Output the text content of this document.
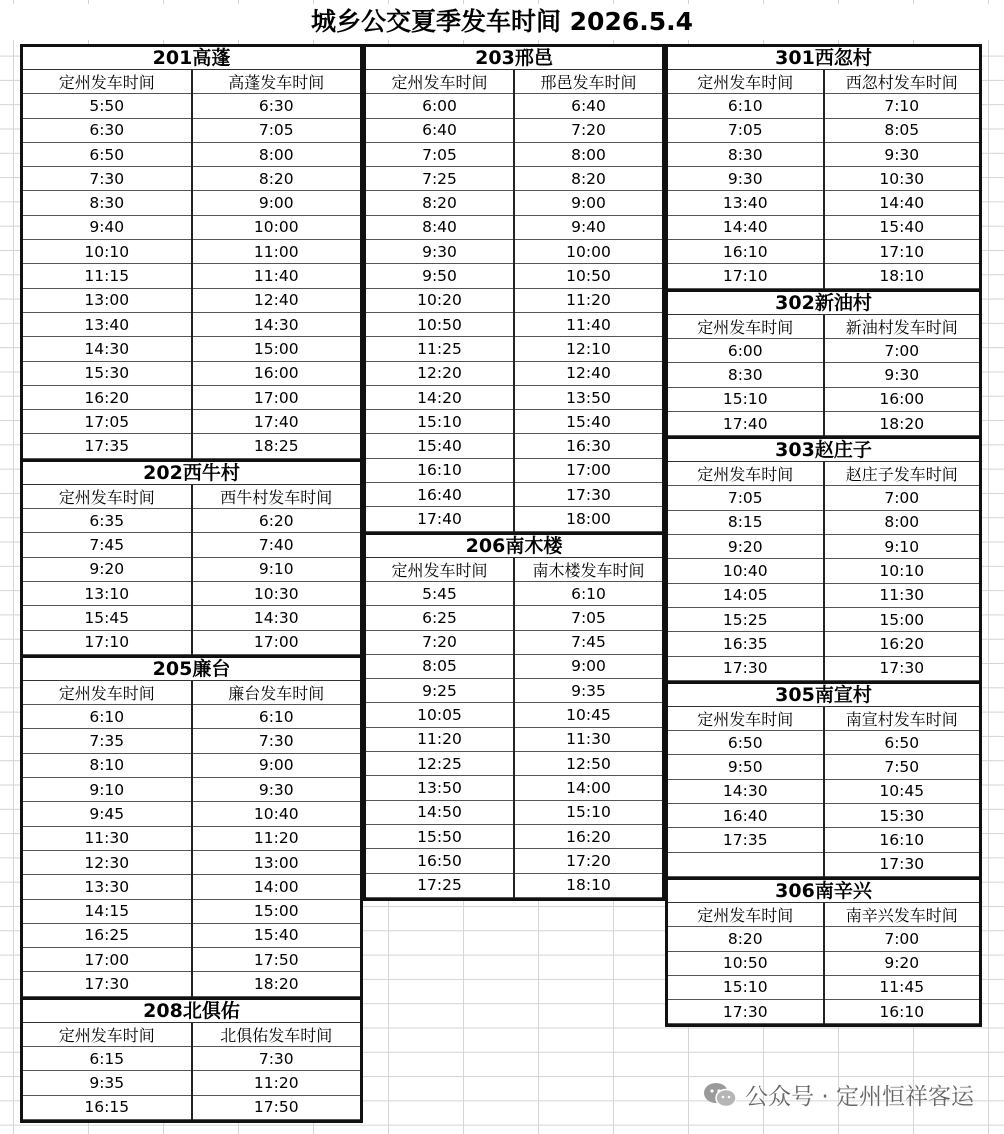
城乡公交夏季发车时间 2026.5.4
201高蓬
定州发车时间	高蓬发车时间
5:50	6:30
6:30	7:05
6:50	8:00
7:30	8:20
8:30	9:00
9:40	10:00
10:10	11:00
11:15	11:40
13:00	12:40
13:40	14:30
14:30	15:00
15:30	16:00
16:20	17:00
17:05	17:40
17:35	18:25
202西牛村
定州发车时间	西牛村发车时间
6:35	6:20
7:45	7:40
9:20	9:10
13:10	10:30
15:45	14:30
17:10	17:00
205廉台
定州发车时间	廉台发车时间
6:10	6:10
7:35	7:30
8:10	9:00
9:10	9:30
9:45	10:40
11:30	11:20
12:30	13:00
13:30	14:00
14:15	15:00
16:25	15:40
17:00	17:50
17:30	18:20
208北俱佑
定州发车时间	北俱佑发车时间
6:15	7:30
9:35	11:20
16:15	17:50
203邢邑
定州发车时间	邢邑发车时间
6:00	6:40
6:40	7:20
7:05	8:00
7:25	8:20
8:20	9:00
8:40	9:40
9:30	10:00
9:50	10:50
10:20	11:20
10:50	11:40
11:25	12:10
12:20	12:40
14:20	13:50
15:10	15:40
15:40	16:30
16:10	17:00
16:40	17:30
17:40	18:00
206南木楼
定州发车时间	南木楼发车时间
5:45	6:10
6:25	7:05
7:20	7:45
8:05	9:00
9:25	9:35
10:05	10:45
11:20	11:30
12:25	12:50
13:50	14:00
14:50	15:10
15:50	16:20
16:50	17:20
17:25	18:10
301西忽村
定州发车时间	西忽村发车时间
6:10	7:10
7:05	8:05
8:30	9:30
9:30	10:30
13:40	14:40
14:40	15:40
16:10	17:10
17:10	18:10
302新油村
定州发车时间	新油村发车时间
6:00	7:00
8:30	9:30
15:10	16:00
17:40	18:20
303赵庄子
定州发车时间	赵庄子发车时间
7:05	7:00
8:15	8:00
9:20	9:10
10:40	10:10
14:05	11:30
15:25	15:00
16:35	16:20
17:30	17:30
305南宣村
定州发车时间	南宣村发车时间
6:50	6:50
9:50	7:50
14:30	10:45
16:40	15:30
17:35	16:10
	17:30
306南辛兴
定州发车时间	南辛兴发车时间
8:20	7:00
10:50	9:20
15:10	11:45
17:30	16:10
公众号 · 定州恒祥客运
